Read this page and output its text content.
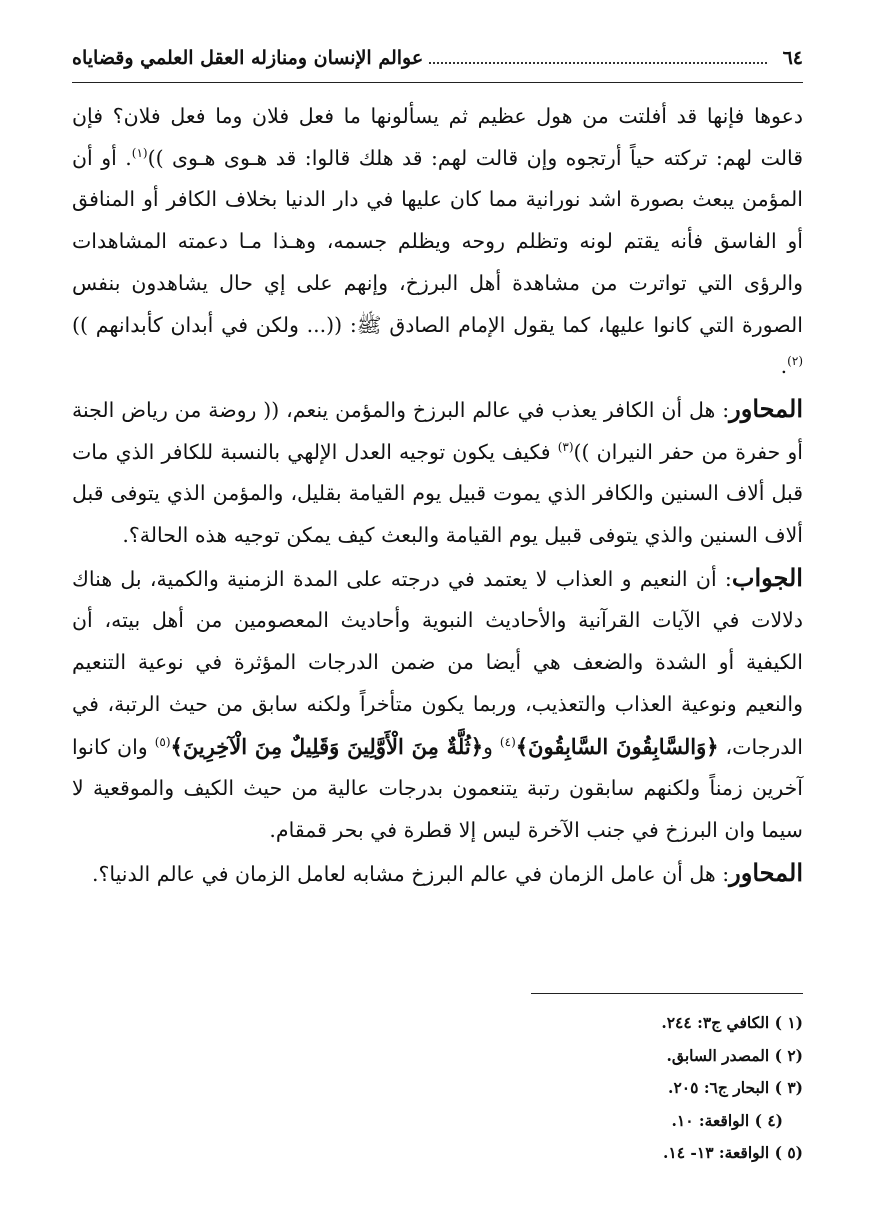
٦٤
عوالم الإنسان ومنازله العقل العلمي وقضاياه

دعوها فإنها قد أفلتت من هول عظيم ثم يسألونها ما فعل فلان وما فعل فلان؟ فإن قالت لهم: تركته حياً أرتجوه وإن قالت لهم: قد هلك قالوا: قد هـوى هـوى ))$^{(١)}$. أو أن المؤمن يبعث بصورة اشد نورانية مما كان عليها في دار الدنيا بخلاف الكافر أو المنافق أو الفاسق فأنه يقتم لونه وتظلم روحه ويظلم جسمه، وهـذا مـا دعمته المشاهدات والرؤى التي تواترت من مشاهدة أهل البرزخ، وإنهم على إي حال يشاهدون بنفس الصورة التي كانوا عليها، كما يقول الإمام الصادق ﷺ: ((... ولكن في أبدان كأبدانهم ))$^{(٢)}$.

المحاور: هل أن الكافر يعذب في عالم البرزخ والمؤمن ينعم، (( روضة من رياض الجنة أو حفرة من حفر النيران ))$^{(٣)}$ فكيف يكون توجيه العدل الإلهي بالنسبة للكافر الذي مات قبل ألاف السنين والكافر الذي يموت قبيل يوم القيامة بقليل، والمؤمن الذي يتوفى قبل ألاف السنين والذي يتوفى قبيل يوم القيامة والبعث كيف يمكن توجيه هذه الحالة؟.

الجواب: أن النعيم و العذاب لا يعتمد في درجته على المدة الزمنية والكمية، بل هناك دلالات في الآيات القرآنية والأحاديث النبوية وأحاديث المعصومين من أهل بيته، أن الكيفية أو الشدة والضعف هي أيضا من ضمن الدرجات المؤثرة في نوعية التنعيم والنعيم ونوعية العذاب والتعذيب، وربما يكون متأخراً ولكنه سابق من حيث الرتبة، في الدرجات، ﴿وَالسَّابِقُونَ السَّابِقُونَ﴾$^{(٤)}$ و﴿ثُلَّةٌ مِنَ الْأَوَّلِينَ وَقَلِيلٌ مِنَ الْآخِرِينَ﴾$^{(٥)}$ وان كانوا آخرين زمناً ولكنهم سابقون رتبة يتنعمون بدرجات عالية من حيث الكيف والموقعية لا سيما وان البرزخ في جنب الآخرة ليس إلا قطرة في بحر قمقام.

المحاور: هل أن عامل الزمان في عالم البرزخ مشابه لعامل الزمان في عالم الدنيا؟.

(١ ) الكافي ج٣: ٢٤٤.
(٢ ) المصدر السابق.
(٣ ) البحار ج٦: ٢٠٥.
(٤ ) الواقعة: ١٠.
(٥ ) الواقعة: ١٣- ١٤.
